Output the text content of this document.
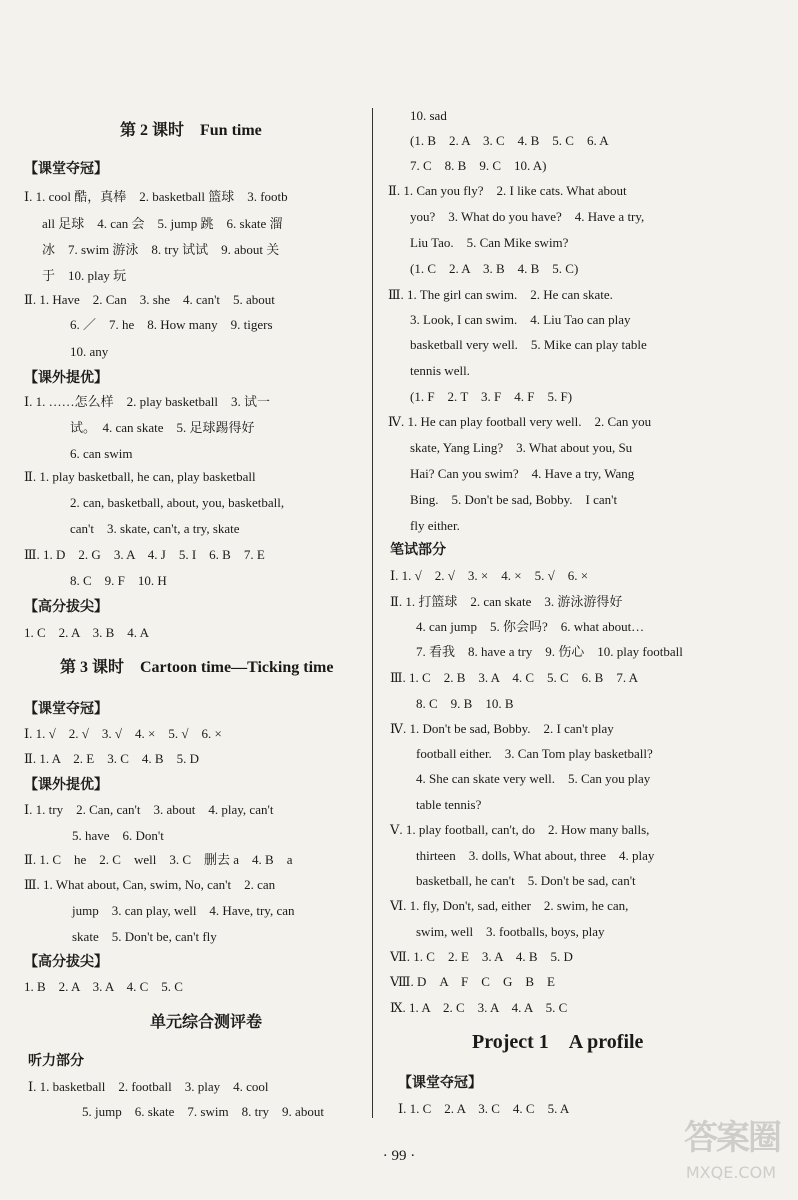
第 2 课时　Fun time
【课堂夺冠】
Ⅰ. 1. cool 酷，真棒　2. basketball 篮球　3. footb
all 足球　4. can 会　5. jump 跳　6. skate 溜
冰　7. swim 游泳　8. try 试试　9. about 关
于　10. play 玩
Ⅱ. 1. Have　2. Can　3. she　4. can't　5. about
6. ／　7. he　8. How many　9. tigers
10. any
【课外提优】
Ⅰ. 1. ……怎么样　2. play basketball　3. 试一
试。　4. can skate　5. 足球踢得好
6. can swim
Ⅱ. 1. play basketball, he can, play basketball
2. can, basketball, about, you, basketball,
can't　3. skate, can't, a try, skate
Ⅲ. 1. D　2. G　3. A　4. J　5. I　6. B　7. E
8. C　9. F　10. H
【高分拔尖】
1. C　2. A　3. B　4. A
第 3 课时　Cartoon time—Ticking time
【课堂夺冠】
Ⅰ. 1. √　2. √　3. √　4. ×　5. √　6. ×
Ⅱ. 1. A　2. E　3. C　4. B　5. D
【课外提优】
Ⅰ. 1. try　2. Can, can't　3. about　4. play, can't
5. have　6. Don't
Ⅱ. 1. C　he　2. C　well　3. C　删去 a　4. B　a
Ⅲ. 1. What about, Can, swim, No, can't　2. can
jump　3. can play, well　4. Have, try, can
skate　5. Don't be, can't fly
【高分拔尖】
1. B　2. A　3. A　4. C　5. C
单元综合测评卷
听力部分
Ⅰ. 1. basketball　2. football　3. play　4. cool
5. jump　6. skate　7. swim　8. try　9. about
10. sad
(1. B　2. A　3. C　4. B　5. C　6. A
7. C　8. B　9. C　10. A)
Ⅱ. 1. Can you fly?　2. I like cats. What about
you?　3. What do you have?　4. Have a try,
Liu Tao.　5. Can Mike swim?
(1. C　2. A　3. B　4. B　5. C)
Ⅲ. 1. The girl can swim.　2. He can skate.
3. Look, I can swim.　4. Liu Tao can play
basketball very well.　5. Mike can play table
tennis well.
(1. F　2. T　3. F　4. F　5. F)
Ⅳ. 1. He can play football very well.　2. Can you
skate, Yang Ling?　3. What about you, Su
Hai? Can you swim?　4. Have a try, Wang
Bing.　5. Don't be sad, Bobby.　I can't
fly either.
笔试部分
Ⅰ. 1. √　2. √　3. ×　4. ×　5. √　6. ×
Ⅱ. 1. 打篮球　2. can skate　3. 游泳游得好
4. can jump　5. 你会吗?　6. what about…
7. 看我　8. have a try　9. 伤心　10. play football
Ⅲ. 1. C　2. B　3. A　4. C　5. C　6. B　7. A
8. C　9. B　10. B
Ⅳ. 1. Don't be sad, Bobby.　2. I can't play
football either.　3. Can Tom play basketball?
4. She can skate very well.　5. Can you play
table tennis?
Ⅴ. 1. play football, can't, do　2. How many balls,
thirteen　3. dolls, What about, three　4. play
basketball, he can't　5. Don't be sad, can't
Ⅵ. 1. fly, Don't, sad, either　2. swim, he can,
swim, well　3. footballs, boys, play
Ⅶ. 1. C　2. E　3. A　4. B　5. D
Ⅷ. D　A　F　C　G　B　E
Ⅸ. 1. A　2. C　3. A　4. A　5. C
Project 1　A profile
【课堂夺冠】
Ⅰ. 1. C　2. A　3. C　4. C　5. A
· 99 ·	答案圈
MXQE.COM
